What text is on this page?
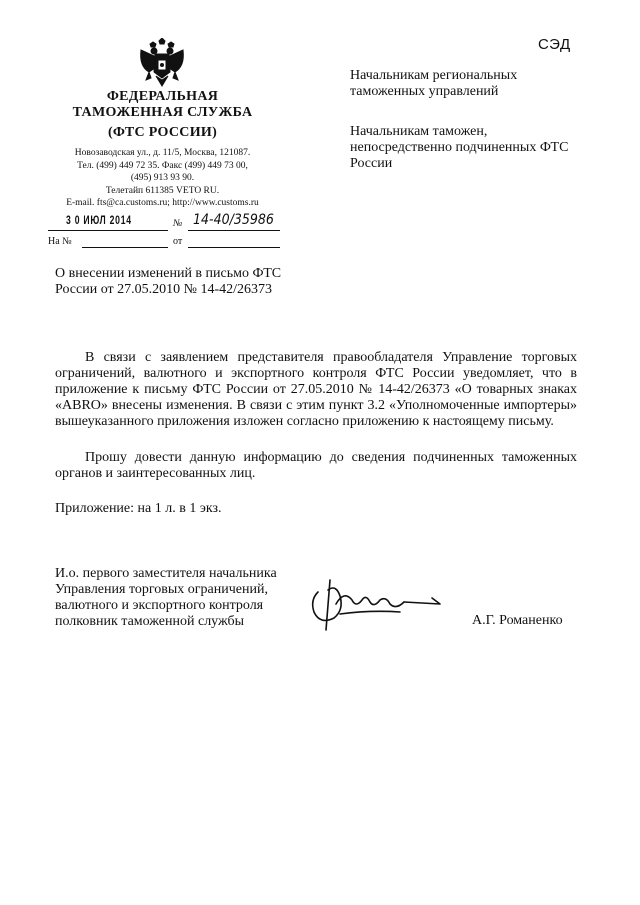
СЭД
ФЕДЕРАЛЬНАЯ
ТАМОЖЕННАЯ СЛУЖБА
(ФТС РОССИИ)
Новозаводская ул., д. 11/5, Москва, 121087.
Тел. (499) 449 72 35. Факс (499) 449 73 00,
(495) 913 93 90.
Телетайп 611385 VETO RU.
E-mail. fts@ca.customs.ru; http://www.customs.ru
3 0 ИЮЛ 2014	№ 14-40/35986
На №	от
Начальникам региональных таможенных управлений
Начальникам таможен, непосредственно подчиненных ФТС России
О внесении изменений в письмо ФТС России от 27.05.2010 № 14-42/26373
В связи с заявлением представителя правообладателя Управление торговых ограничений, валютного и экспортного контроля ФТС России уведомляет, что в приложение к письму ФТС России от 27.05.2010 № 14-42/26373 «О товарных знаках «ABRO» внесены изменения. В связи с этим пункт 3.2 «Уполномоченные импортеры» вышеуказанного приложения изложен согласно приложению к настоящему письму.
Прошу довести данную информацию до сведения подчиненных таможенных органов и заинтересованных лиц.
Приложение: на 1 л. в 1 экз.
И.о. первого заместителя начальника Управления торговых ограничений, валютного и экспортного контроля полковник таможенной службы	А.Г. Романенко
